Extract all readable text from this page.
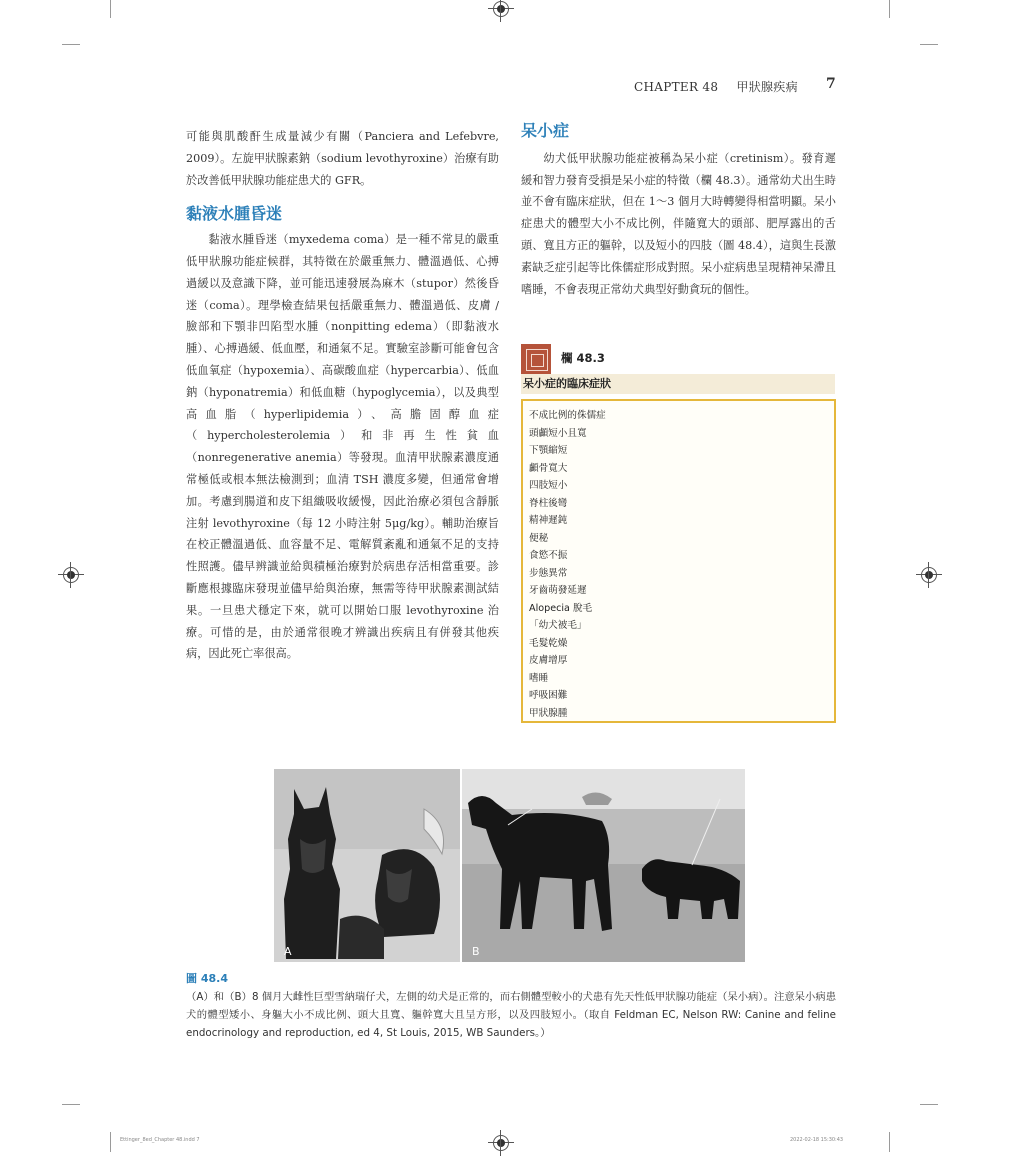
CHAPTER 48 甲狀腺疾病 7

可能與肌酸酐生成量減少有關（Panciera and Lefebvre, 2009）。左旋甲狀腺素鈉（sodium levothyroxine）治療有助於改善低甲狀腺功能症患犬的 GFR。

黏液水腫昏迷

黏液水腫昏迷（myxedema coma）是一種不常見的嚴重低甲狀腺功能症候群，其特徵在於嚴重無力、體溫過低、心搏過緩以及意識下降，並可能迅速發展為麻木（stupor）然後昏迷（coma）。理學檢查結果包括嚴重無力、體溫過低、皮膚 / 臉部和下顎非凹陷型水腫（nonpitting edema）（即黏液水腫）、心搏過緩、低血壓，和通氣不足。實驗室診斷可能會包含低血氧症（hypoxemia）、高碳酸血症（hypercarbia）、低血鈉（hyponatremia）和低血糖（hypoglycemia），以及典型高血脂（hyperlipidemia）、高膽固醇血症（hypercholesterolemia）和非再生性貧血（nonregenerative anemia）等發現。血清甲狀腺素濃度通常極低或根本無法檢測到；血清 TSH 濃度多變，但通常會增加。考慮到腸道和皮下組織吸收緩慢，因此治療必須包含靜脈注射 levothyroxine（每 12 小時注射 5μg/kg）。輔助治療旨在校正體溫過低、血容量不足、電解質紊亂和通氣不足的支持性照護。儘早辨識並給與積極治療對於病患存活相當重要。診斷應根據臨床發現並儘早給與治療，無需等待甲狀腺素測試結果。一旦患犬穩定下來，就可以開始口服 levothyroxine 治療。可惜的是，由於通常很晚才辨識出疾病且有併發其他疾病，因此死亡率很高。

呆小症

幼犬低甲狀腺功能症被稱為呆小症（cretinism）。發育遲緩和智力發育受損是呆小症的特徵（欄 48.3）。通常幼犬出生時並不會有臨床症狀，但在 1～3 個月大時轉變得相當明顯。呆小症患犬的體型大小不成比例，伴隨寬大的頭部、肥厚露出的舌頭、寬且方正的軀幹，以及短小的四肢（圖 48.4），這與生長激素缺乏症引起等比侏儒症形成對照。呆小症病患呈現精神呆滯且嗜睡，不會表現正常幼犬典型好動貪玩的個性。

欄 48.3
呆小症的臨床症狀
不成比例的侏儒症
頭顱短小且寬
下顎縮短
顱骨寬大
四肢短小
脊柱後彎
精神遲鈍
便秘
食慾不振
步態異常
牙齒萌發延遲
Alopecia 脫毛
「幼犬被毛」
毛髮乾燥
皮膚增厚
嗜睡
呼吸困難
甲狀腺腫
A	B
圖 48.4
（A）和（B）8 個月大雌性巨型雪納瑞仔犬，左側的幼犬是正常的，而右側體型較小的犬患有先天性低甲狀腺功能症（呆小病）。注意呆小病患犬的體型矮小、身軀大小不成比例、頭大且寬、軀幹寬大且呈方形，以及四肢短小。（取自 Feldman EC, Nelson RW: Canine and feline endocrinology and reproduction, ed 4, St Louis, 2015, WB Saunders。）
Ettinger_8ed_Chapter 48.indd 7	2022-02-18 15:30:43
